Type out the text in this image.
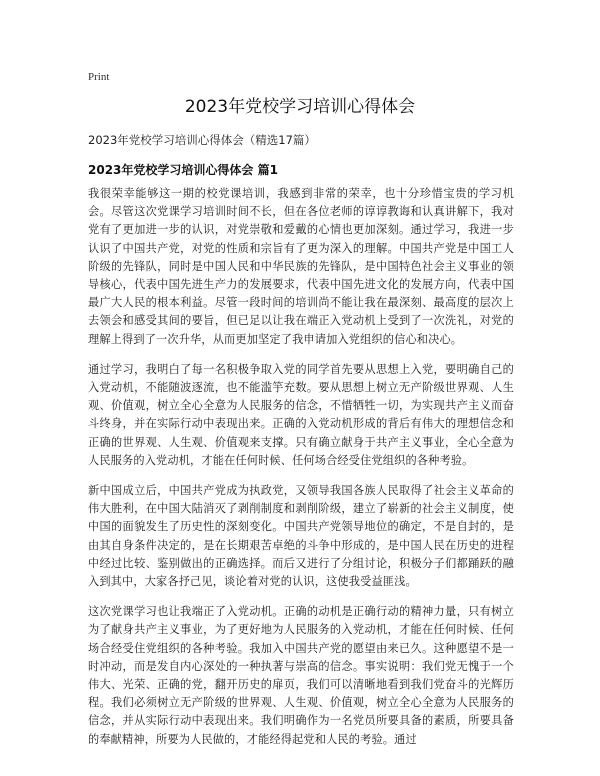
Print
2023年党校学习培训心得体会

2023年党校学习培训心得体会（精选17篇）

2023年党校学习培训心得体会 篇1

我很荣幸能够这一期的校党课培训，我感到非常的荣幸，也十分珍惜宝贵的学习机会。尽管这次党课学习培训时间不长，但在各位老师的谆谆教诲和认真讲解下，我对党有了更加进一步的认识，对党崇敬和爱戴的心情也更加深刻。通过学习，我进一步认识了中国共产党，对党的性质和宗旨有了更为深入的理解。中国共产党是中国工人阶级的先锋队，同时是中国人民和中华民族的先锋队，是中国特色社会主义事业的领导核心，代表中国先进生产力的发展要求，代表中国先进文化的发展方向，代表中国最广大人民的根本利益。尽管一段时间的培训尚不能让我在最深刻、最高度的层次上去领会和感受其间的要旨，但已足以让我在端正入党动机上受到了一次洗礼，对党的理解上得到了一次升华，从而更加坚定了我申请加入党组织的信心和决心。

通过学习，我明白了每一名积极争取入党的同学首先要从思想上入党，要明确自己的入党动机，不能随波逐流，也不能滥竽充数。要从思想上树立无产阶级世界观、人生观、价值观，树立全心全意为人民服务的信念，不惜牺牲一切，为实现共产主义而奋斗终身，并在实际行动中表现出来。正确的入党动机形成的背后有伟大的理想信念和正确的世界观、人生观、价值观来支撑。只有确立献身于共产主义事业，全心全意为人民服务的入党动机，才能在任何时候、任何场合经受住党组织的各种考验。

新中国成立后，中国共产党成为执政党，又领导我国各族人民取得了社会主义革命的伟大胜利，在中国大陆消灭了剥削制度和剥削阶级，建立了崭新的社会主义制度，使中国的面貌发生了历史性的深刻变化。中国共产党领导地位的确定，不是自封的，是由其自身条件决定的，是在长期艰苦卓绝的斗争中形成的，是中国人民在历史的进程中经过比较、鉴别做出的正确选择。而后又进行了分组讨论，积极分子们都踊跃的融入到其中，大家各抒己见，谈论着对党的认识，这使我受益匪浅。

这次党课学习也让我端正了入党动机。正确的动机是正确行动的精神力量，只有树立为了献身共产主义事业，为了更好地为人民服务的入党动机，才能在任何时候、任何场合经受住党组织的各种考验。我加入中国共产党的愿望由来已久。这种愿望不是一时冲动，而是发自内心深处的一种执著与崇高的信念。事实说明：我们党无愧于一个伟大、光荣、正确的党，翻开历史的扉页，我们可以清晰地看到我们党奋斗的光辉历程。我们必须树立无产阶级的世界观、人生观、价值观，树立全心全意为人民服务的信念，并从实际行动中表现出来。我们明确作为一名党员所要具备的素质，所要具备的奉献精神，所要为人民做的，才能经得起党和人民的考验。通过
